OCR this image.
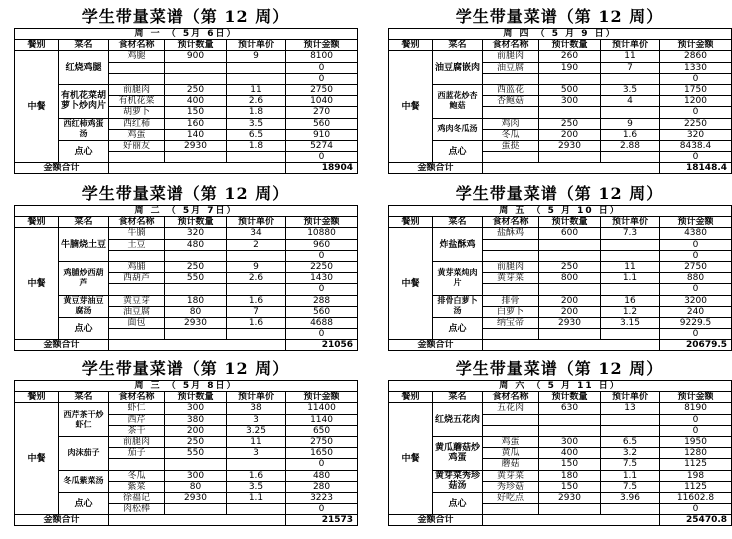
学生带量菜谱（第 12 周）
周 一 （ 5月 6日）					
餐别	菜名	食材名称	预计数量	预计单价	预计金额
中餐	红烧鸡腿	鸡腿	900	9	8100
					0
					0
	有机花菜胡萝卜炒肉片	前腿肉	250	11	2750
		有机花菜	400	2.6	1040
		胡萝卜	150	1.8	270
	西红柿鸡蛋汤	西红柿	160	3.5	560
		鸡蛋	140	6.5	910
	点心	好丽友	2930	1.8	5274
					0
金额合计					18904
学生带量菜谱（第 12 周）
周 二 （ 5月 7日）					
餐别	菜名	食材名称	预计数量	预计单价	预计金额
中餐	牛腩烧土豆	牛腩	320	34	10880
		土豆	480	2	960
					0
	鸡脯炒西葫芦	鸡脯	250	9	2250
		西葫芦	550	2.6	1430
					0
	黄豆芽油豆腐汤	黄豆芽	180	1.6	288
		油豆腐	80	7	560
	点心	面包	2930	1.6	4688
					0
金额合计					21056
学生带量菜谱（第 12 周）
周 三 （ 5月 8日）					
餐别	菜名	食材名称	预计数量	预计单价	预计金额
中餐	西芹茶干炒虾仁	虾仁	300	38	11400
		西芹	380	3	1140
		茶干	200	3.25	650
	肉沫茄子	前腿肉	250	11	2750
		茄子	550	3	1650
					0
	冬瓜紫菜汤	冬瓜	300	1.6	480
		紫菜	80	3.5	280
	点心	徐福记	2930	1.1	3223
		肉松棒			0
金额合计					21573
学生带量菜谱（第 12 周）
周 四 （ 5 月 9 日）					
餐别	菜名	食材名称	预计数量	预计单价	预计金额
中餐	油豆腐嵌肉	前腿肉	260	11	2860
		油豆腐	190	7	1330
					0
	西蓝花炒杏鲍菇	西蓝花	500	3.5	1750
		杏鲍菇	300	4	1200
					0
	鸡肉冬瓜汤	鸡肉	250	9	2250
		冬瓜	200	1.6	320
	点心	蛋挞	2930	2.88	8438.4
					0
金额合计					18148.4
学生带量菜谱（第 12 周）
周 五 （ 5 月 10 日）					
餐别	菜名	食材名称	预计数量	预计单价	预计金额
中餐	炸盐酥鸡	盐酥鸡	600	7.3	4380
					0
					0
	黄芽菜炖肉片	前腿肉	250	11	2750
		黄芽菜	800	1.1	880
					0
	排骨白萝卜汤	排骨	200	16	3200
		白萝卜	200	1.2	240
	点心	纳宝帝	2930	3.15	9229.5
					0
金额合计					20679.5
学生带量菜谱（第 12 周）
周 六 （ 5 月 11 日）					
餐别	菜名	食材名称	预计数量	预计单价	预计金额
中餐	红烧五花肉	五花肉	630	13	8190
					0
					0
	黄瓜蘑菇炒鸡蛋	鸡蛋	300	6.5	1950
		黄瓜	400	3.2	1280
		蘑菇	150	7.5	1125
	黄芽菜秀珍菇汤	黄芽菜	180	1.1	198
		秀珍菇	150	7.5	1125
	点心	好吃点	2930	3.96	11602.8
					0
金额合计					25470.8
